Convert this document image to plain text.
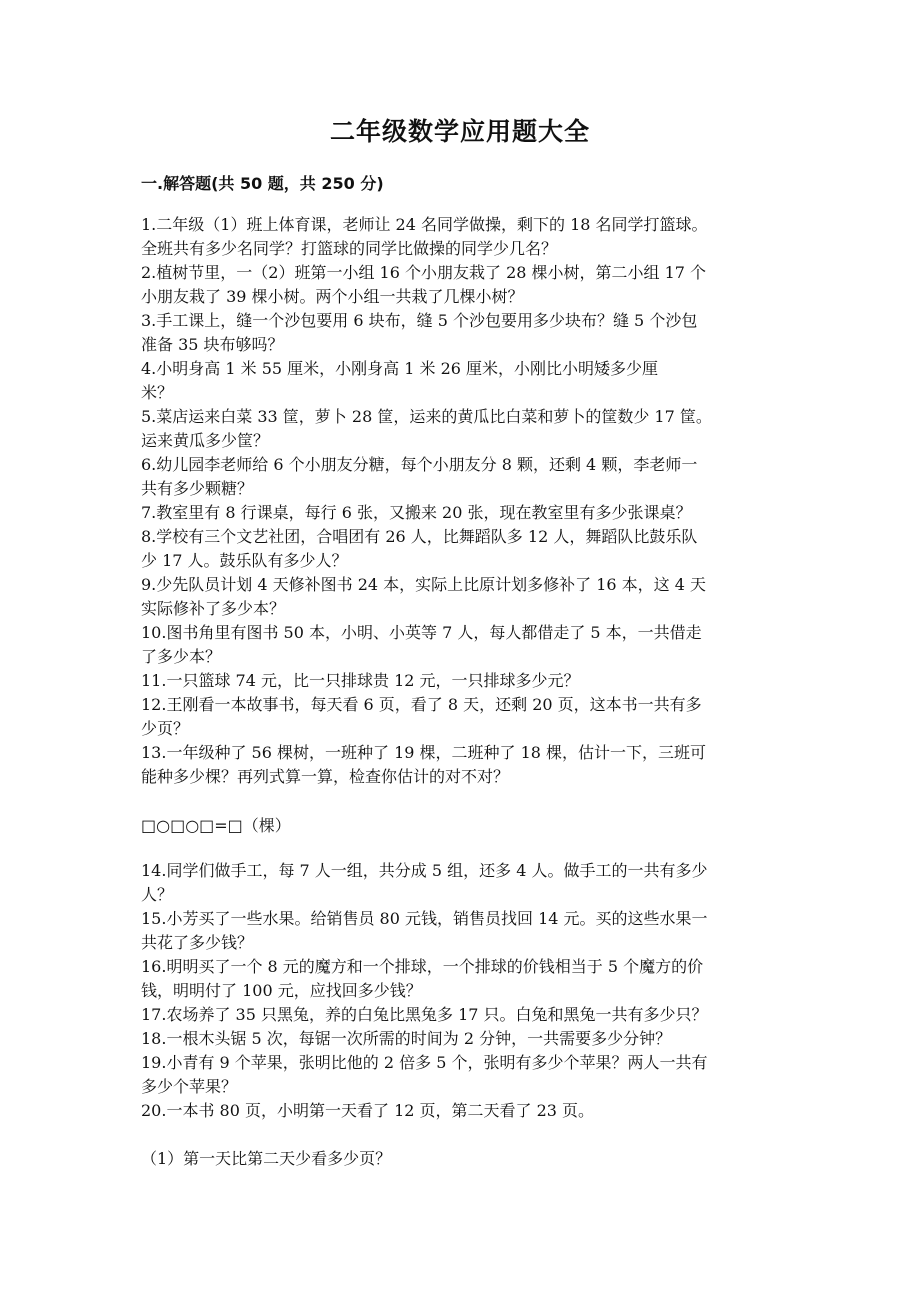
二年级数学应用题大全
一.解答题(共 50 题，共 250 分)
1.二年级（1）班上体育课，老师让 24 名同学做操，剩下的 18 名同学打篮球。
全班共有多少名同学？打篮球的同学比做操的同学少几名？
2.植树节里，一（2）班第一小组 16 个小朋友栽了 28 棵小树，第二小组 17 个
小朋友栽了 39 棵小树。两个小组一共栽了几棵小树？
3.手工课上，缝一个沙包要用 6 块布，缝 5 个沙包要用多少块布？缝 5 个沙包
准备 35 块布够吗？
4.小明身高 1 米 55 厘米，小刚身高 1 米 26 厘米，小刚比小明矮多少厘
米？
5.菜店运来白菜 33 筐，萝卜 28 筐，运来的黄瓜比白菜和萝卜的筐数少 17 筐。
运来黄瓜多少筐？
6.幼儿园李老师给 6 个小朋友分糖，每个小朋友分 8 颗，还剩 4 颗，李老师一
共有多少颗糖？
7.教室里有 8 行课桌，每行 6 张，又搬来 20 张，现在教室里有多少张课桌？
8.学校有三个文艺社团，合唱团有 26 人，比舞蹈队多 12 人，舞蹈队比鼓乐队
少 17 人。鼓乐队有多少人？
9.少先队员计划 4 天修补图书 24 本，实际上比原计划多修补了 16 本，这 4 天
实际修补了多少本？
10.图书角里有图书 50 本，小明、小英等 7 人，每人都借走了 5 本，一共借走
了多少本？
11.一只篮球 74 元，比一只排球贵 12 元，一只排球多少元？
12.王刚看一本故事书，每天看 6 页，看了 8 天，还剩 20 页，这本书一共有多
少页？
13.一年级种了 56 棵树，一班种了 19 棵，二班种了 18 棵，估计一下，三班可
能种多少棵？再列式算一算，检查你估计的对不对？
□○□○□=□（棵）
14.同学们做手工，每 7 人一组，共分成 5 组，还多 4 人。做手工的一共有多少
人？
15.小芳买了一些水果。给销售员 80 元钱，销售员找回 14 元。买的这些水果一
共花了多少钱？
16.明明买了一个 8 元的魔方和一个排球，一个排球的价钱相当于 5 个魔方的价
钱，明明付了 100 元，应找回多少钱？
17.农场养了 35 只黑兔，养的白兔比黑兔多 17 只。白兔和黑兔一共有多少只？
18.一根木头锯 5 次，每锯一次所需的时间为 2 分钟，一共需要多少分钟？
19.小青有 9 个苹果，张明比他的 2 倍多 5 个，张明有多少个苹果？两人一共有
多少个苹果？
20.一本书 80 页，小明第一天看了 12 页，第二天看了 23 页。
（1）第一天比第二天少看多少页？
